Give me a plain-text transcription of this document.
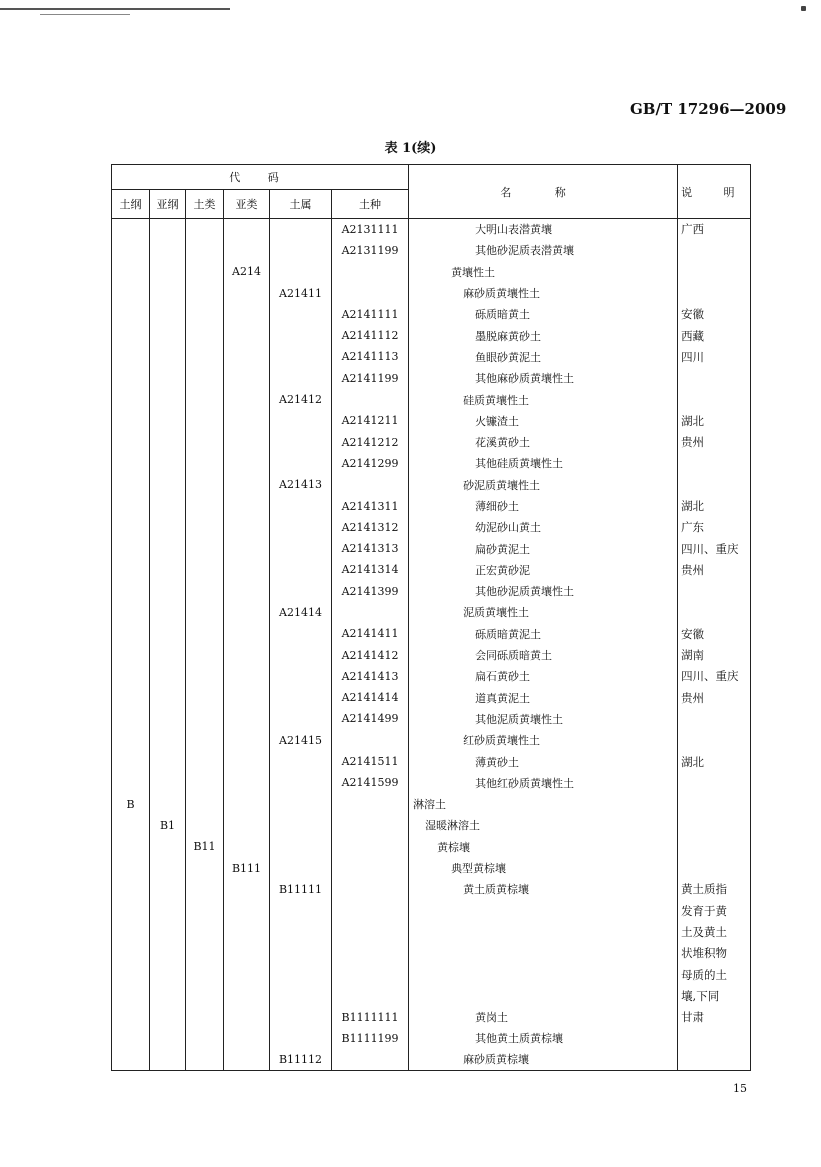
GB/T 17296—2009
表 1(续)
代 码						名 称	说 明
土纲	亚纲	土类	亚类	土属	土种		
					A2131111	大明山表潜黄壤	广西
					A2131199	其他砂泥质表潜黄壤	
			A214			黄壤性土	
				A21411		麻砂质黄壤性土	
					A2141111	砾质暗黄土	安徽
					A2141112	墨脱麻黄砂土	西藏
					A2141113	鱼眼砂黄泥土	四川
					A2141199	其他麻砂质黄壤性土	
				A21412		硅质黄壤性土	
					A2141211	火镰渣土	湖北
					A2141212	花溪黄砂土	贵州
					A2141299	其他硅质黄壤性土	
				A21413		砂泥质黄壤性土	
					A2141311	薄细砂土	湖北
					A2141312	幼泥砂山黄土	广东
					A2141313	扁砂黄泥土	四川、重庆
					A2141314	正宏黄砂泥	贵州
					A2141399	其他砂泥质黄壤性土	
				A21414		泥质黄壤性土	
					A2141411	砾质暗黄泥土	安徽
					A2141412	会同砾质暗黄土	湖南
					A2141413	扁石黄砂土	四川、重庆
					A2141414	道真黄泥土	贵州
					A2141499	其他泥质黄壤性土	
				A21415		红砂质黄壤性土	
					A2141511	薄黄砂土	湖北
					A2141599	其他红砂质黄壤性土	
B						淋溶土	
	B1					湿暖淋溶土	
		B11				黄棕壤	
			B111			典型黄棕壤	
				B11111		黄土质黄棕壤	黄土质指
							发育于黄
							土及黄土
							状堆积物
							母质的土
							壤,下同
					B1111111	黄岗土	甘肃
					B1111199	其他黄土质黄棕壤	
				B11112		麻砂质黄棕壤	
15
